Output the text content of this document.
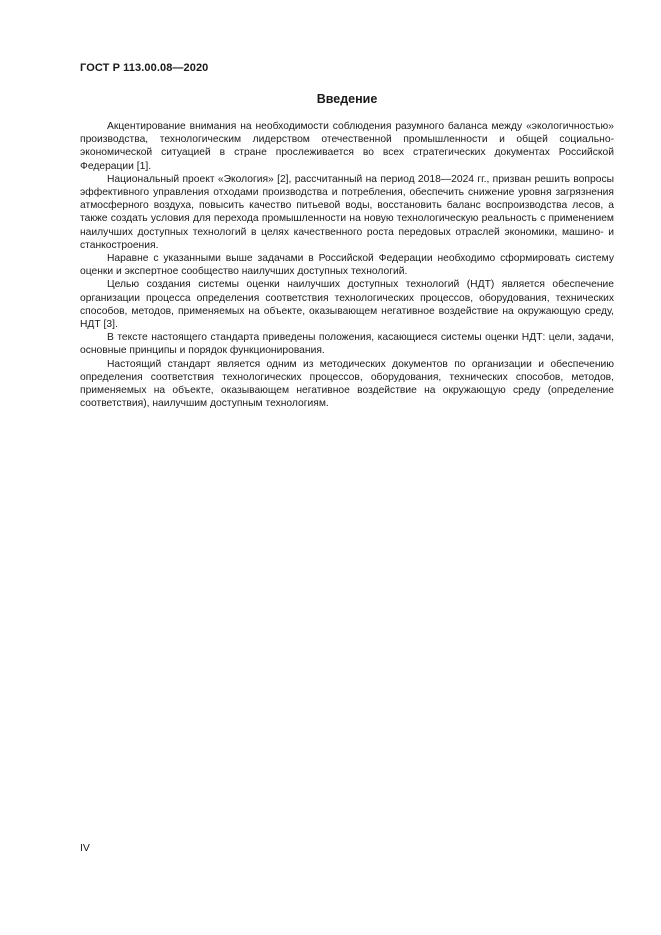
ГОСТ Р 113.00.08—2020
Введение

Акцентирование внимания на необходимости соблюдения разумного баланса между «экологичностью» производства, технологическим лидерством отечественной промышленности и общей социально-экономической ситуацией в стране прослеживается во всех стратегических документах Российской Федерации [1].

Национальный проект «Экология» [2], рассчитанный на период 2018—2024 гг., призван решить вопросы эффективного управления отходами производства и потребления, обеспечить снижение уровня загрязнения атмосферного воздуха, повысить качество питьевой воды, восстановить баланс воспроизводства лесов, а также создать условия для перехода промышленности на новую технологическую реальность с применением наилучших доступных технологий в целях качественного роста передовых отраслей экономики, машино- и станкостроения.

Наравне с указанными выше задачами в Российской Федерации необходимо сформировать систему оценки и экспертное сообщество наилучших доступных технологий.

Целью создания системы оценки наилучших доступных технологий (НДТ) является обеспечение организации процесса определения соответствия технологических процессов, оборудования, технических способов, методов, применяемых на объекте, оказывающем негативное воздействие на окружающую среду, НДТ [3].

В тексте настоящего стандарта приведены положения, касающиеся системы оценки НДТ: цели, задачи, основные принципы и порядок функционирования.

Настоящий стандарт является одним из методических документов по организации и обеспечению определения соответствия технологических процессов, оборудования, технических способов, методов, применяемых на объекте, оказывающем негативное воздействие на окружающую среду (определение соответствия), наилучшим доступным технологиям.

IV
